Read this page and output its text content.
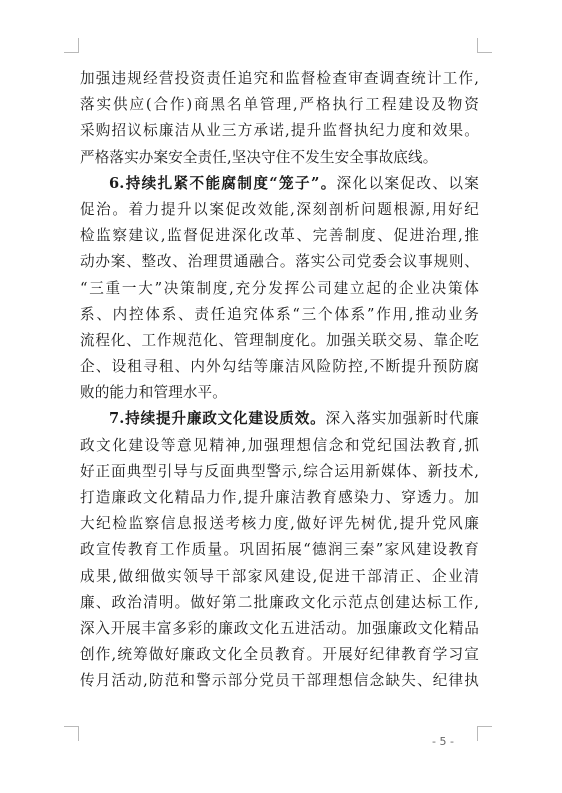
加强违规经营投资责任追究和监督检查审查调查统计工作,
落实供应(合作)商黑名单管理,严格执行工程建设及物资
采购招议标廉洁从业三方承诺,提升监督执纪力度和效果。
严格落实办案安全责任,坚决守住不发生安全事故底线。
6.持续扎紧不能腐制度“笼子”。深化以案促改、以案
促治。着力提升以案促改效能,深刻剖析问题根源,用好纪
检监察建议,监督促进深化改革、完善制度、促进治理,推
动办案、整改、治理贯通融合。落实公司党委会议事规则、
“三重一大”决策制度,充分发挥公司建立起的企业决策体
系、内控体系、责任追究体系“三个体系”作用,推动业务
流程化、工作规范化、管理制度化。加强关联交易、靠企吃
企、设租寻租、内外勾结等廉洁风险防控,不断提升预防腐
败的能力和管理水平。
7.持续提升廉政文化建设质效。深入落实加强新时代廉
政文化建设等意见精神,加强理想信念和党纪国法教育,抓
好正面典型引导与反面典型警示,综合运用新媒体、新技术,
打造廉政文化精品力作,提升廉洁教育感染力、穿透力。加
大纪检监察信息报送考核力度,做好评先树优,提升党风廉
政宣传教育工作质量。巩固拓展“德润三秦”家风建设教育
成果,做细做实领导干部家风建设,促进干部清正、企业清
廉、政治清明。做好第二批廉政文化示范点创建达标工作,
深入开展丰富多彩的廉政文化五进活动。加强廉政文化精品
创作,统筹做好廉政文化全员教育。开展好纪律教育学习宣
传月活动,防范和警示部分党员干部理想信念缺失、纪律执
- 5 -
